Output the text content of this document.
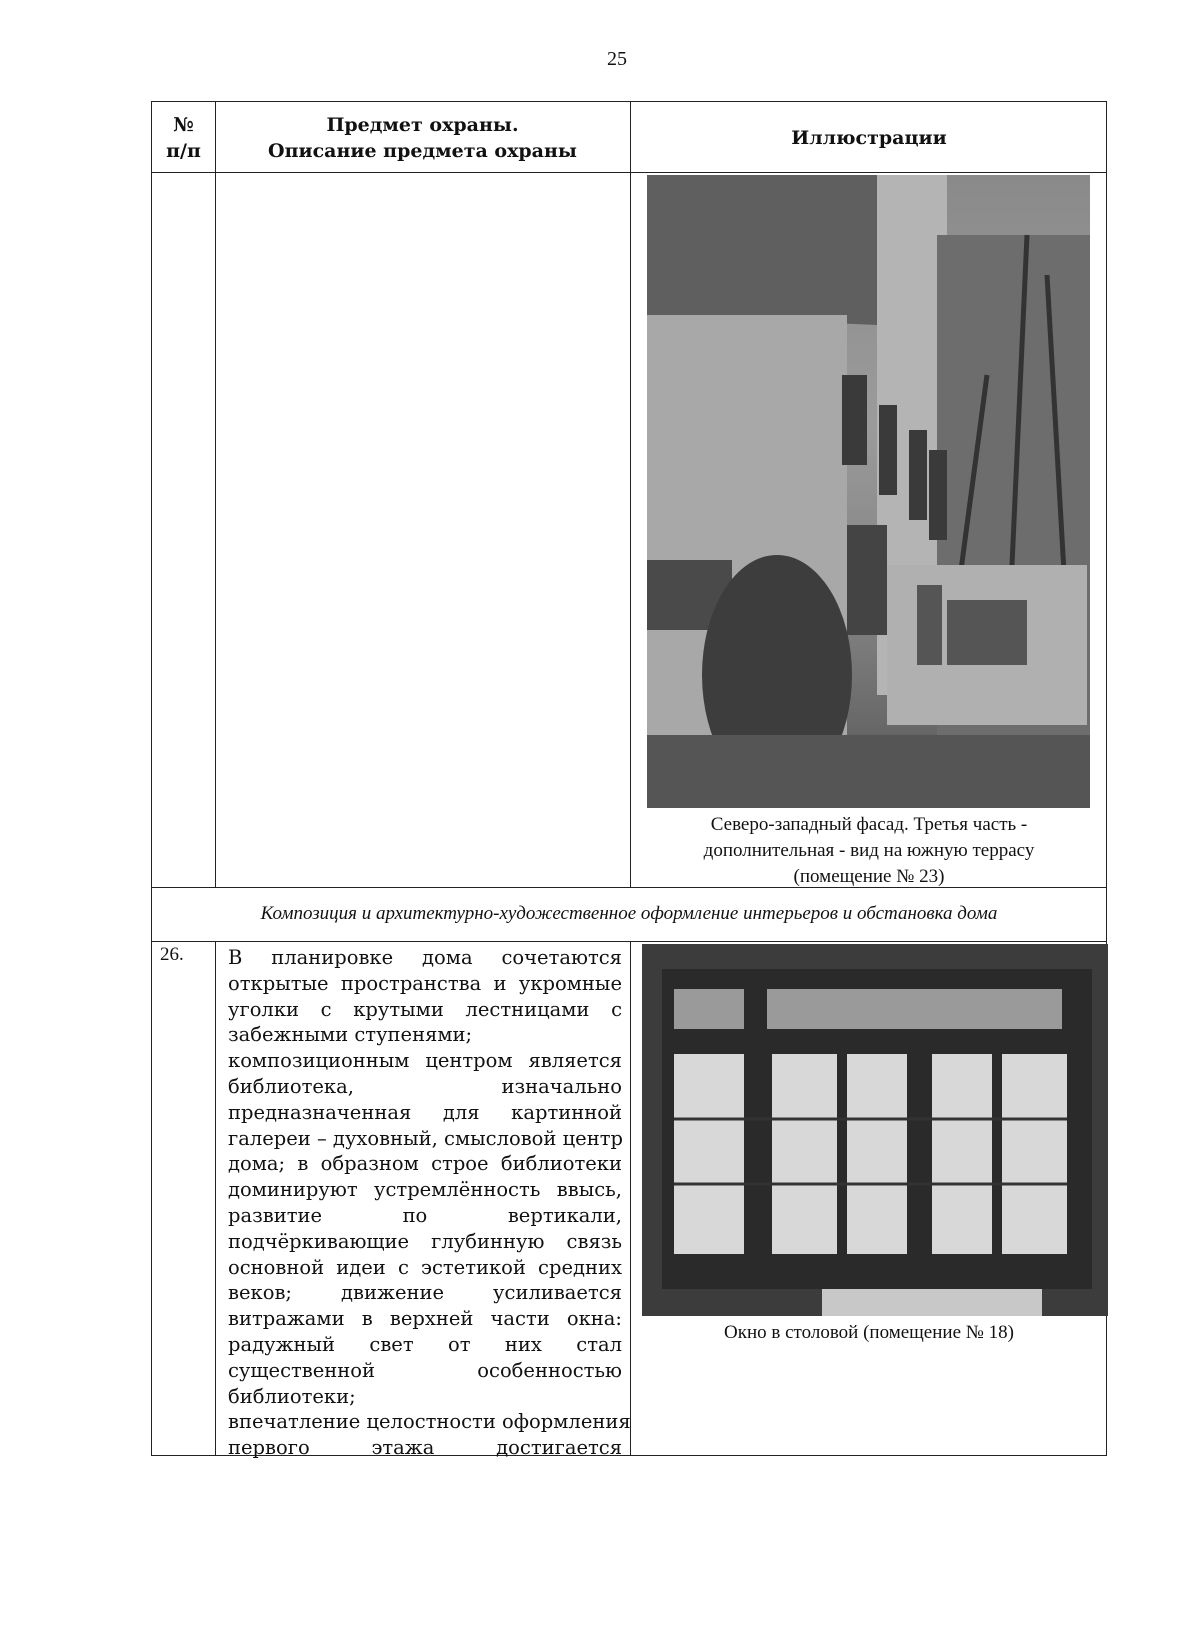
25
№
п/п
Предмет охраны.
Описание предмета охраны
Иллюстрации
Северо-западный фасад. Третья часть -
дополнительная - вид на южную террасу
(помещение № 23)
Композиция и архитектурно-художественное оформление интерьеров и обстановка дома
26. В планировке дома сочетаются
открытые пространства и укромные
уголки с крутыми лестницами с
забежными ступенями;
композиционным центром является
библиотека, изначально
предназначенная для картинной
галереи – духовный, смысловой центр
дома; в образном строе библиотеки
доминируют устремлённость ввысь,
развитие по вертикали,
подчёркивающие глубинную связь
основной идеи с эстетикой средних
веков; движение усиливается
витражами в верхней части окна:
радужный свет от них стал
существенной особенностью
библиотеки;
впечатление целостности оформления
первого этажа достигается
Окно в столовой (помещение № 18)
